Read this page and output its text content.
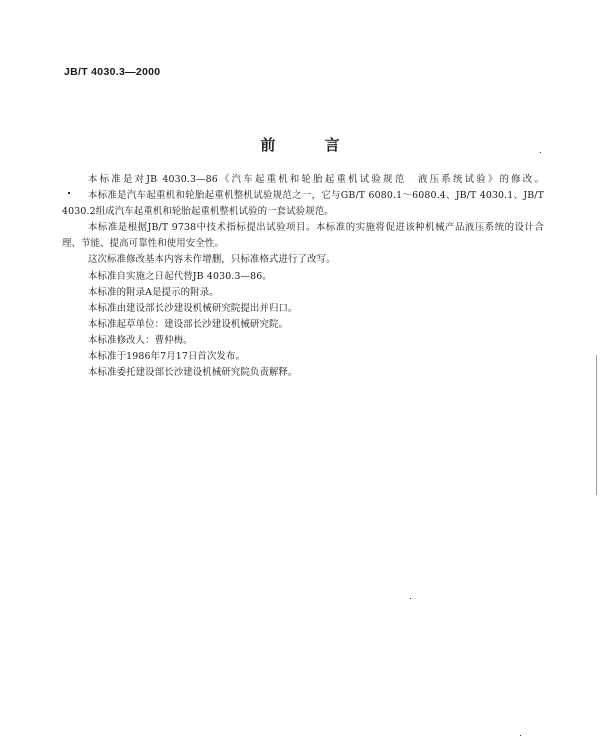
JB/T 4030.3—2000
前 言

本标准是对JB 4030.3—86《汽车起重机和轮胎起重机试验规范　液压系统试验》的修改。

本标准是汽车起重机和轮胎起重机整机试验规范之一，它与GB/T 6080.1～6080.4、JB/T 4030.1、JB/T 4030.2组成汽车起重机和轮胎起重机整机试验的一套试验规范。

本标准是根据JB/T 9738中技术指标提出试验项目。本标准的实施将促进该种机械产品液压系统的设计合理、节能、提高可靠性和使用安全性。

这次标准修改基本内容未作增删，只标准格式进行了改写。

本标准自实施之日起代替JB 4030.3—86。

本标准的附录A是提示的附录。

本标准由建设部长沙建设机械研究院提出并归口。

本标准起草单位：建设部长沙建设机械研究院。

本标准修改人：曹仲梅。

本标准于1986年7月17日首次发布。

本标准委托建设部长沙建设机械研究院负责解释。
